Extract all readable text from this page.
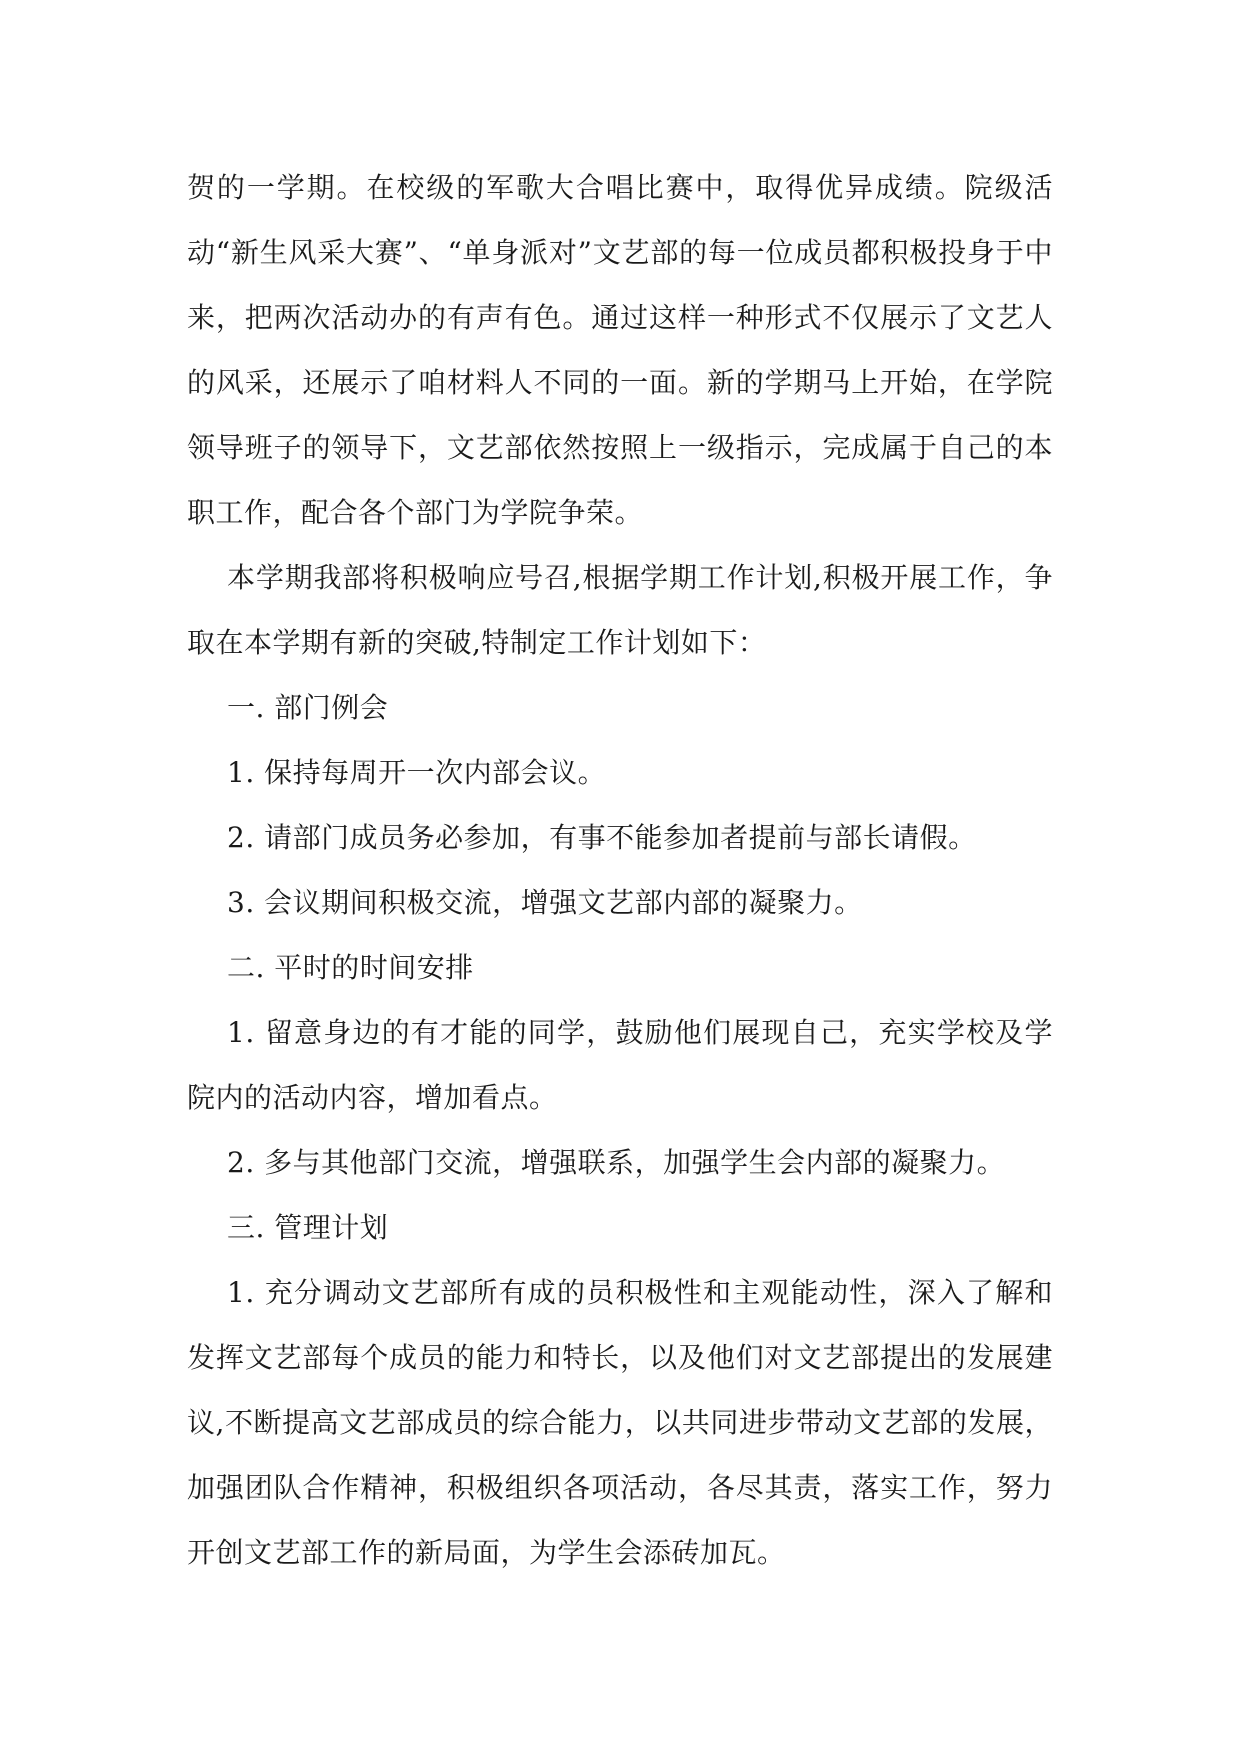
贺的一学期。在校级的军歌大合唱比赛中，取得优异成绩。院级活动“新生风采大赛”、“单身派对”文艺部的每一位成员都积极投身于中来，把两次活动办的有声有色。通过这样一种形式不仅展示了文艺人的风采，还展示了咱材料人不同的一面。新的学期马上开始，在学院领导班子的领导下，文艺部依然按照上一级指示，完成属于自己的本职工作，配合各个部门为学院争荣。

本学期我部将积极响应号召,根据学期工作计划,积极开展工作，争取在本学期有新的突破,特制定工作计划如下：

一. 部门例会

1. 保持每周开一次内部会议。

2. 请部门成员务必参加，有事不能参加者提前与部长请假。

3. 会议期间积极交流，增强文艺部内部的凝聚力。

二. 平时的时间安排

1. 留意身边的有才能的同学，鼓励他们展现自己，充实学校及学院内的活动内容，增加看点。

2. 多与其他部门交流，增强联系，加强学生会内部的凝聚力。

三. 管理计划

1. 充分调动文艺部所有成的员积极性和主观能动性，深入了解和发挥文艺部每个成员的能力和特长，以及他们对文艺部提出的发展建议,不断提高文艺部成员的综合能力，以共同进步带动文艺部的发展，加强团队合作精神，积极组织各项活动，各尽其责，落实工作，努力开创文艺部工作的新局面，为学生会添砖加瓦。
